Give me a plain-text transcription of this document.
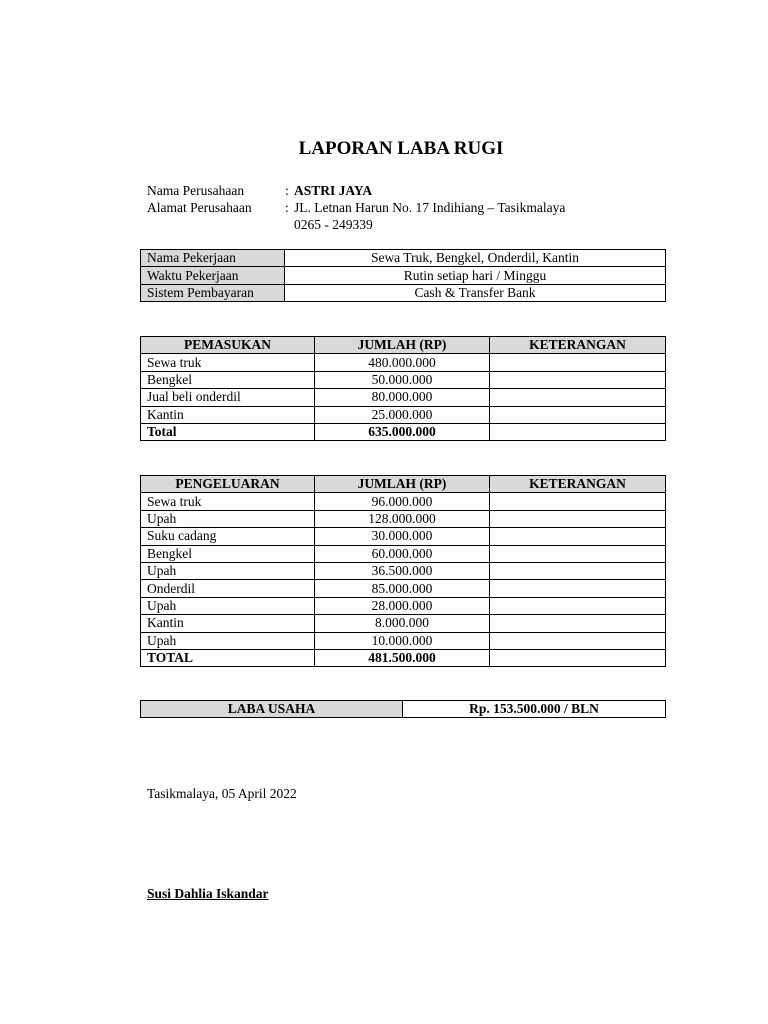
LAPORAN LABA RUGI
Nama Perusahaan	: ASTRI JAYA
Alamat Perusahaan	: JL. Letnan Harun No. 17 Indihiang – Tasikmalaya
0265 - 249339
Nama Pekerjaan	Sewa Truk, Bengkel, Onderdil, Kantin
Waktu Pekerjaan	Rutin setiap hari / Minggu
Sistem Pembayaran	Cash & Transfer Bank
PEMASUKAN	JUMLAH (RP)	KETERANGAN
Sewa truk	480.000.000	
Bengkel	50.000.000	
Jual beli onderdil	80.000.000	
Kantin	25.000.000	
Total	635.000.000	
PENGELUARAN	JUMLAH (RP)	KETERANGAN
Sewa truk	96.000.000	
Upah	128.000.000	
Suku cadang	30.000.000	
Bengkel	60.000.000	
Upah	36.500.000	
Onderdil	85.000.000	
Upah	28.000.000	
Kantin	8.000.000	
Upah	10.000.000	
TOTAL	481.500.000	
LABA USAHA	Rp. 153.500.000 / BLN
Tasikmalaya, 05 April 2022
Susi Dahlia Iskandar
